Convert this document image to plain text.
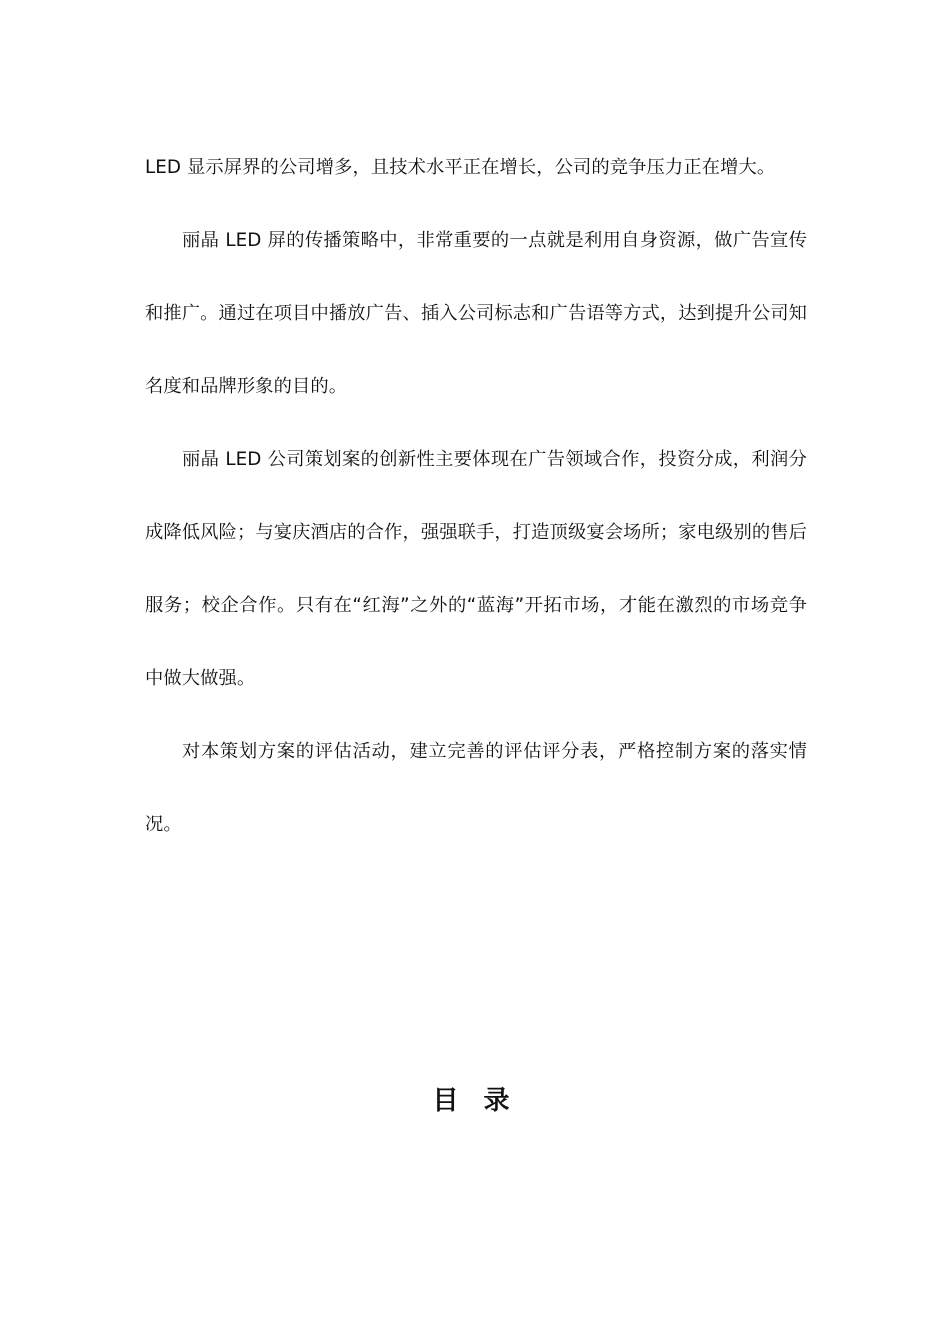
LED 显示屏界的公司增多，且技术水平正在增长，公司的竞争压力正在增大。

丽晶 LED 屏的传播策略中，非常重要的一点就是利用自身资源，做广告宣传和推广。通过在项目中播放广告、插入公司标志和广告语等方式，达到提升公司知名度和品牌形象的目的。

丽晶 LED 公司策划案的创新性主要体现在广告领域合作，投资分成，利润分成降低风险；与宴庆酒店的合作，强强联手，打造顶级宴会场所；家电级别的售后服务；校企合作。只有在“红海”之外的“蓝海”开拓市场，才能在激烈的市场竞争中做大做强。

对本策划方案的评估活动，建立完善的评估评分表，严格控制方案的落实情况。

目 录
